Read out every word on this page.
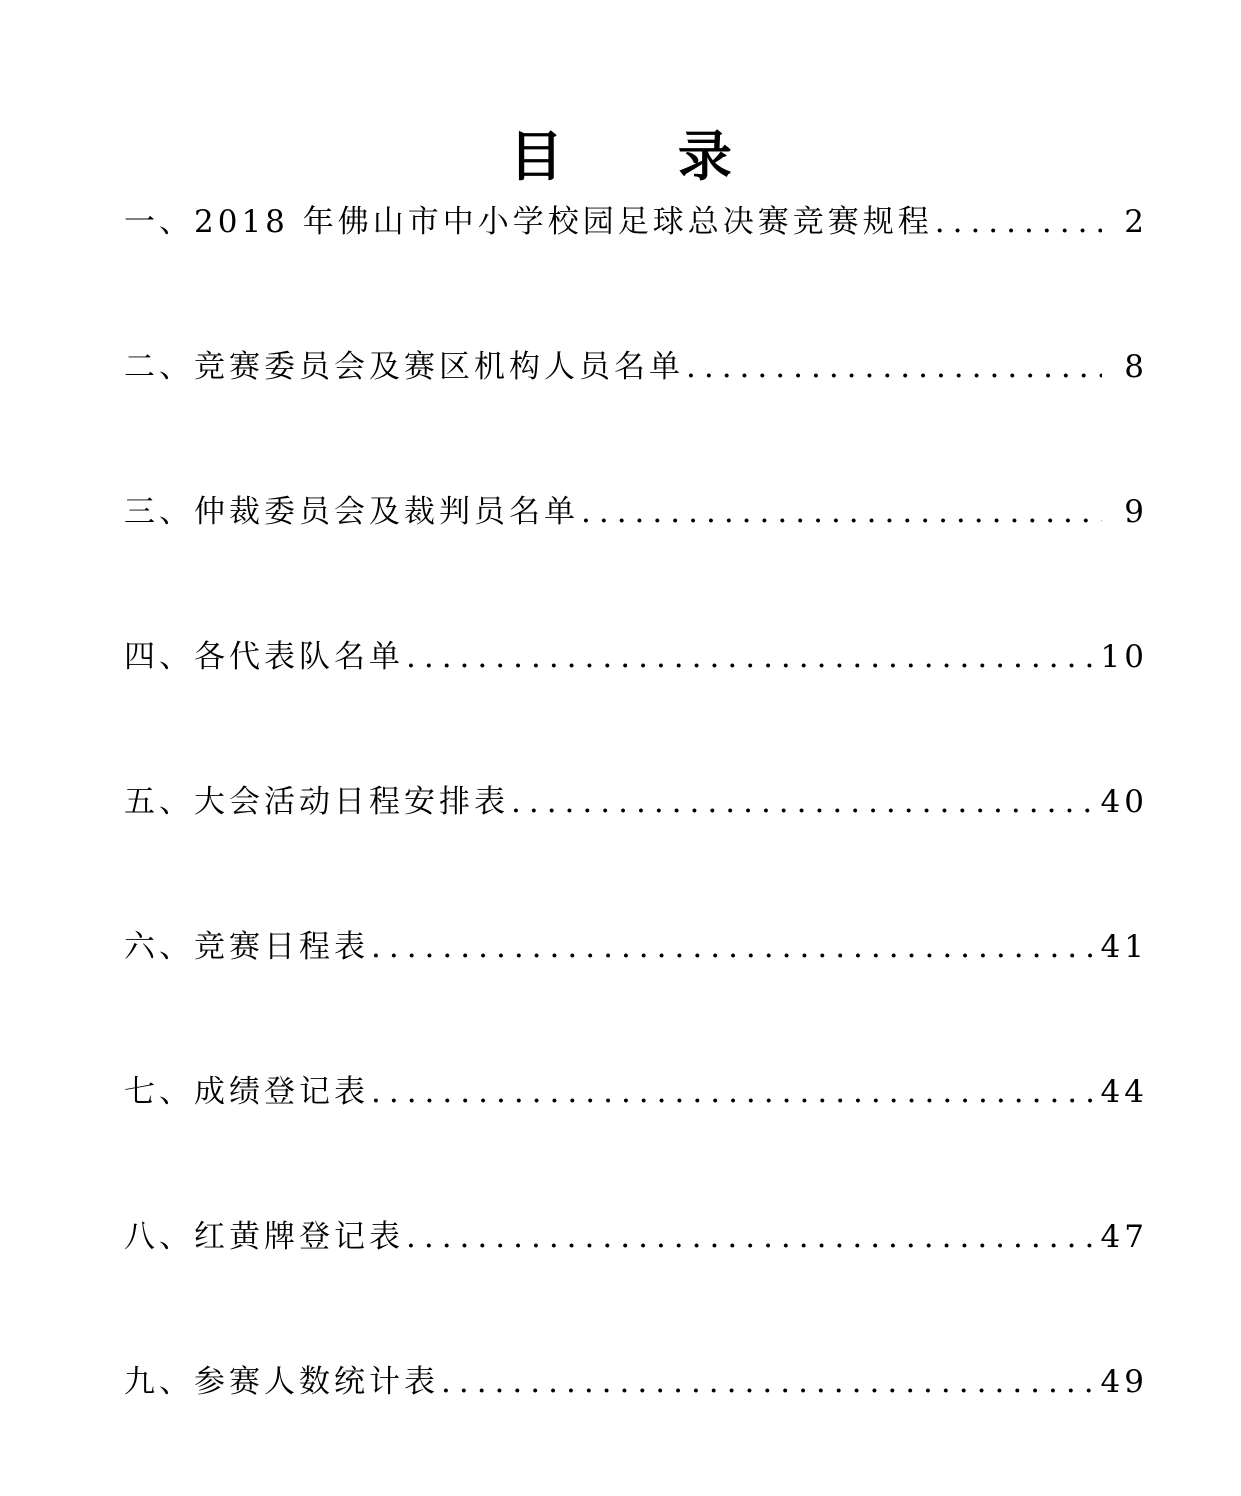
目 录
一、2018 年佛山市中小学校园足球总决赛竞赛规程 .....	2
二、竞赛委员会及赛区机构人员名单 .....	8
三、仲裁委员会及裁判员名单 .....	9
四、各代表队名单 .....	10
五、大会活动日程安排表 .....	40
六、竞赛日程表 .....	41
七、成绩登记表 .....	44
八、红黄牌登记表 .....	47
九、参赛人数统计表 .....	49
